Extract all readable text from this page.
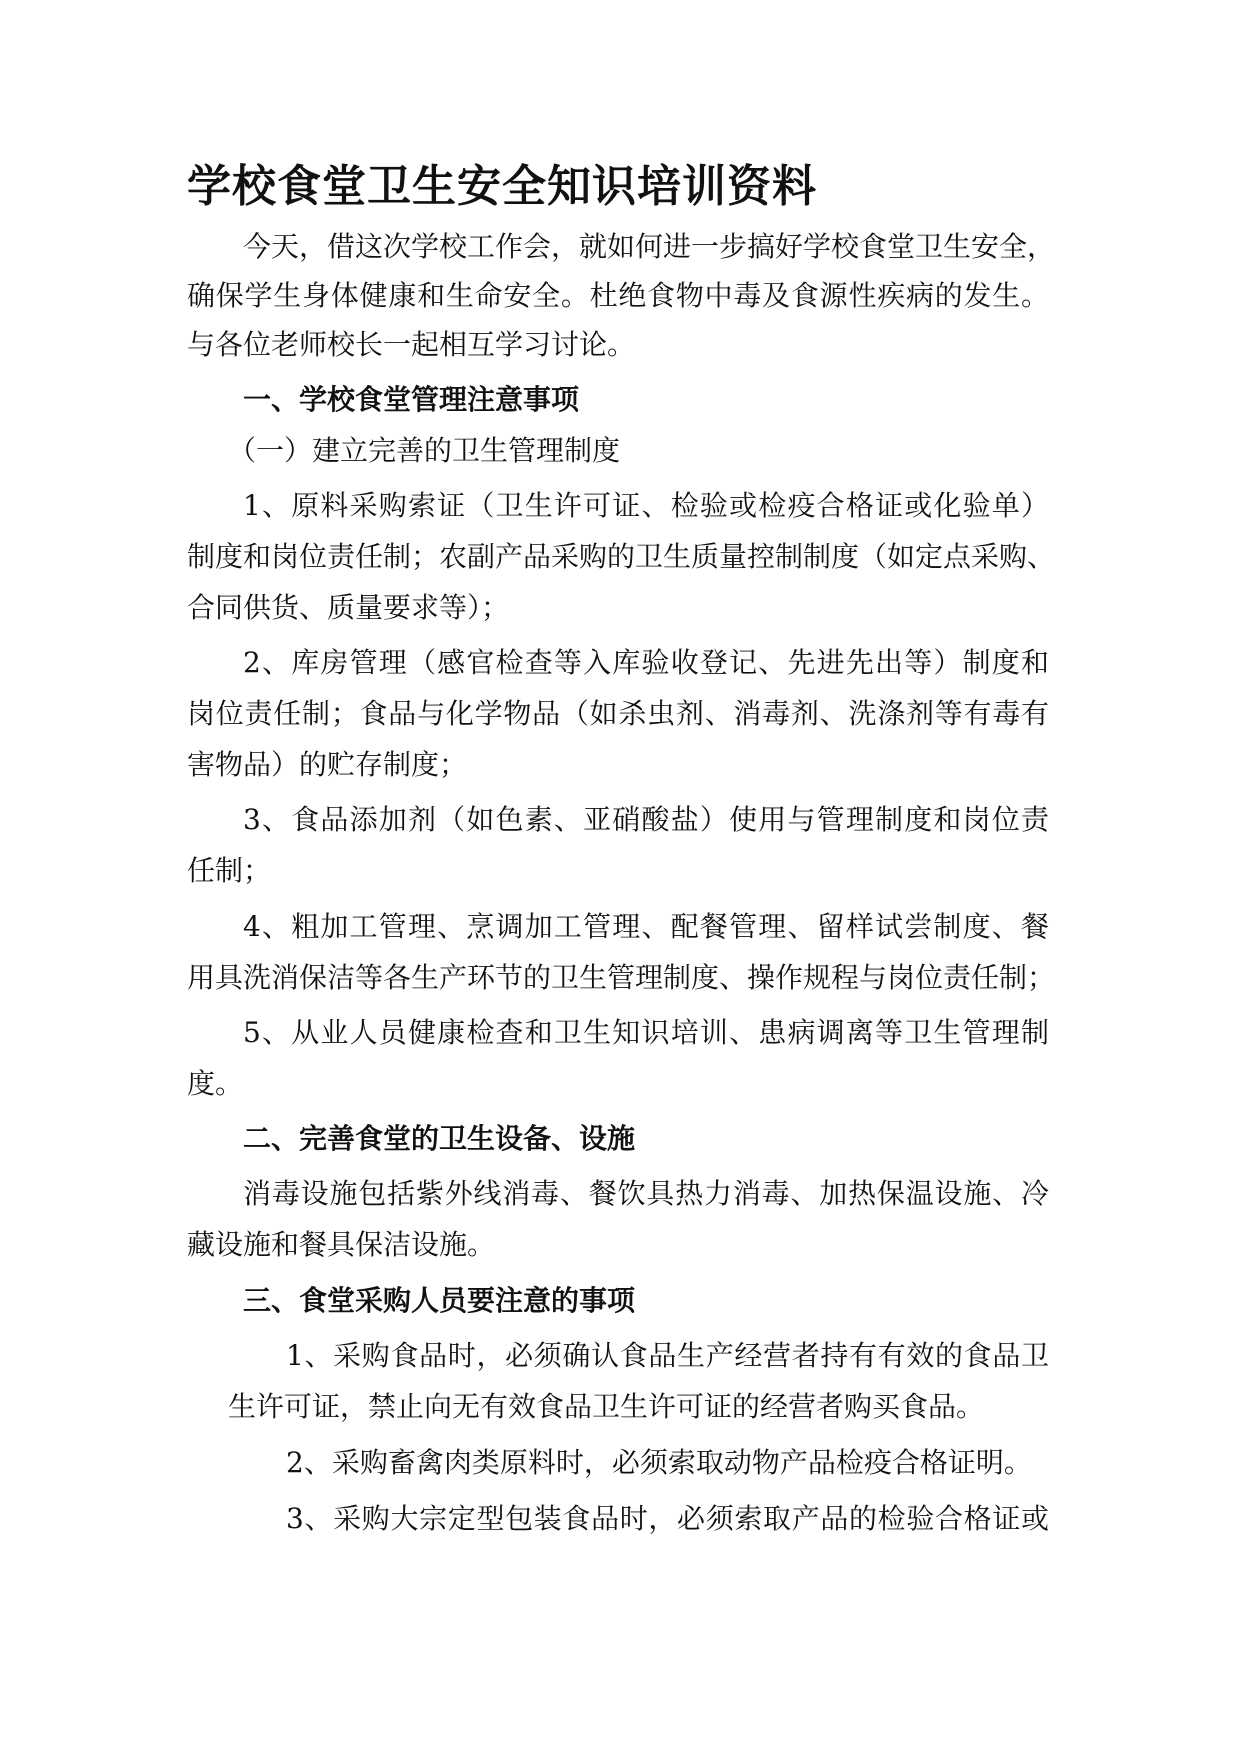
学校食堂卫生安全知识培训资料

今天，借这次学校工作会，就如何进一步搞好学校食堂卫生安全，

确保学生身体健康和生命安全。杜绝食物中毒及食源性疾病的发生。

与各位老师校长一起相互学习讨论。

一、学校食堂管理注意事项

（一）建立完善的卫生管理制度

1、原料采购索证（卫生许可证、检验或检疫合格证或化验单）

制度和岗位责任制；农副产品采购的卫生质量控制制度（如定点采购、

合同供货、质量要求等）；

2、库房管理（感官检查等入库验收登记、先进先出等）制度和

岗位责任制；食品与化学物品（如杀虫剂、消毒剂、洗涤剂等有毒有

害物品）的贮存制度；

3、食品添加剂（如色素、亚硝酸盐）使用与管理制度和岗位责

任制；

4、粗加工管理、烹调加工管理、配餐管理、留样试尝制度、餐

用具洗消保洁等各生产环节的卫生管理制度、操作规程与岗位责任制；

5、从业人员健康检查和卫生知识培训、患病调离等卫生管理制

度。

二、完善食堂的卫生设备、设施

消毒设施包括紫外线消毒、餐饮具热力消毒、加热保温设施、冷

藏设施和餐具保洁设施。

三、食堂采购人员要注意的事项

1、采购食品时，必须确认食品生产经营者持有有效的食品卫

生许可证，禁止向无有效食品卫生许可证的经营者购买食品。

2、采购畜禽肉类原料时，必须索取动物产品检疫合格证明。

3、采购大宗定型包装食品时，必须索取产品的检验合格证或
